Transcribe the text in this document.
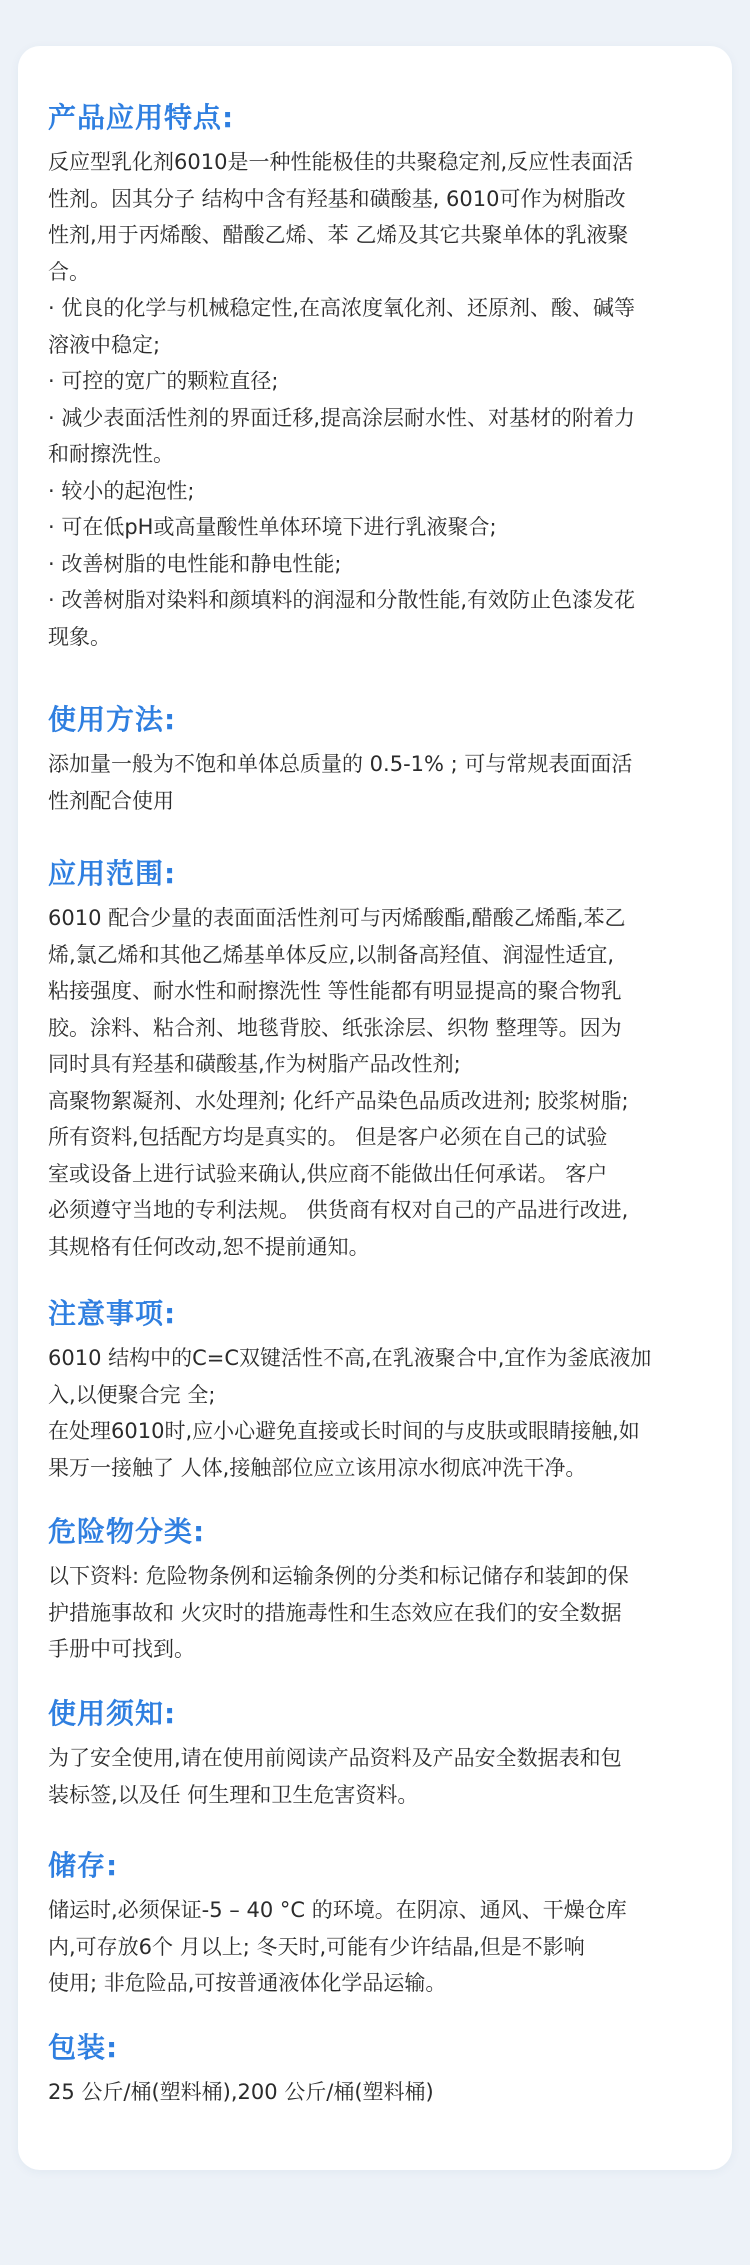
产品应用特点:
反应型乳化剂6010是一种性能极佳的共聚稳定剂,反应性表面活
性剂。因其分子 结构中含有羟基和磺酸基, 6010可作为树脂改
性剂,用于丙烯酸、醋酸乙烯、苯 乙烯及其它共聚单体的乳液聚
合。
· 优良的化学与机械稳定性,在高浓度氧化剂、还原剂、酸、碱等
溶液中稳定;
· 可控的宽广的颗粒直径;
· 减少表面活性剂的界面迁移,提高涂层耐水性、对基材的附着力
和耐擦洗性。
· 较小的起泡性;
· 可在低pH或高量酸性单体环境下进行乳液聚合;
· 改善树脂的电性能和静电性能;
· 改善树脂对染料和颜填料的润湿和分散性能,有效防止色漆发花
现象。
使用方法:
添加量一般为不饱和单体总质量的 0.5-1% ; 可与常规表面面活
性剂配合使用
应用范围:
6010 配合少量的表面面活性剂可与丙烯酸酯,醋酸乙烯酯,苯乙
烯,氯乙烯和其他乙烯基单体反应,以制备高羟值、润湿性适宜,
粘接强度、耐水性和耐擦洗性 等性能都有明显提高的聚合物乳
胶。涂料、粘合剂、地毯背胶、纸张涂层、织物 整理等。因为
同时具有羟基和磺酸基,作为树脂产品改性剂;
高聚物絮凝剂、水处理剂; 化纤产品染色品质改进剂; 胶浆树脂;
所有资料,包括配方均是真实的。 但是客户必须在自己的试验
室或设备上进行试验来确认,供应商不能做出任何承诺。 客户
必须遵守当地的专利法规。 供货商有权对自己的产品进行改进,
其规格有任何改动,恕不提前通知。
注意事项:
6010 结构中的C=C双键活性不高,在乳液聚合中,宜作为釜底液加
入,以便聚合完 全;
在处理6010时,应小心避免直接或长时间的与皮肤或眼睛接触,如
果万一接触了 人体,接触部位应立该用凉水彻底冲洗干净。
危险物分类:
以下资料: 危险物条例和运输条例的分类和标记储存和装卸的保
护措施事故和 火灾时的措施毒性和生态效应在我们的安全数据
手册中可找到。
使用须知:
为了安全使用,请在使用前阅读产品资料及产品安全数据表和包
装标签,以及任 何生理和卫生危害资料。
储存:
储运时,必须保证-5 – 40 °C 的环境。在阴凉、通风、干燥仓库
内,可存放6个 月以上; 冬天时,可能有少许结晶,但是不影响
使用; 非危险品,可按普通液体化学品运输。
包装:
25 公斤/桶(塑料桶),200 公斤/桶(塑料桶)
